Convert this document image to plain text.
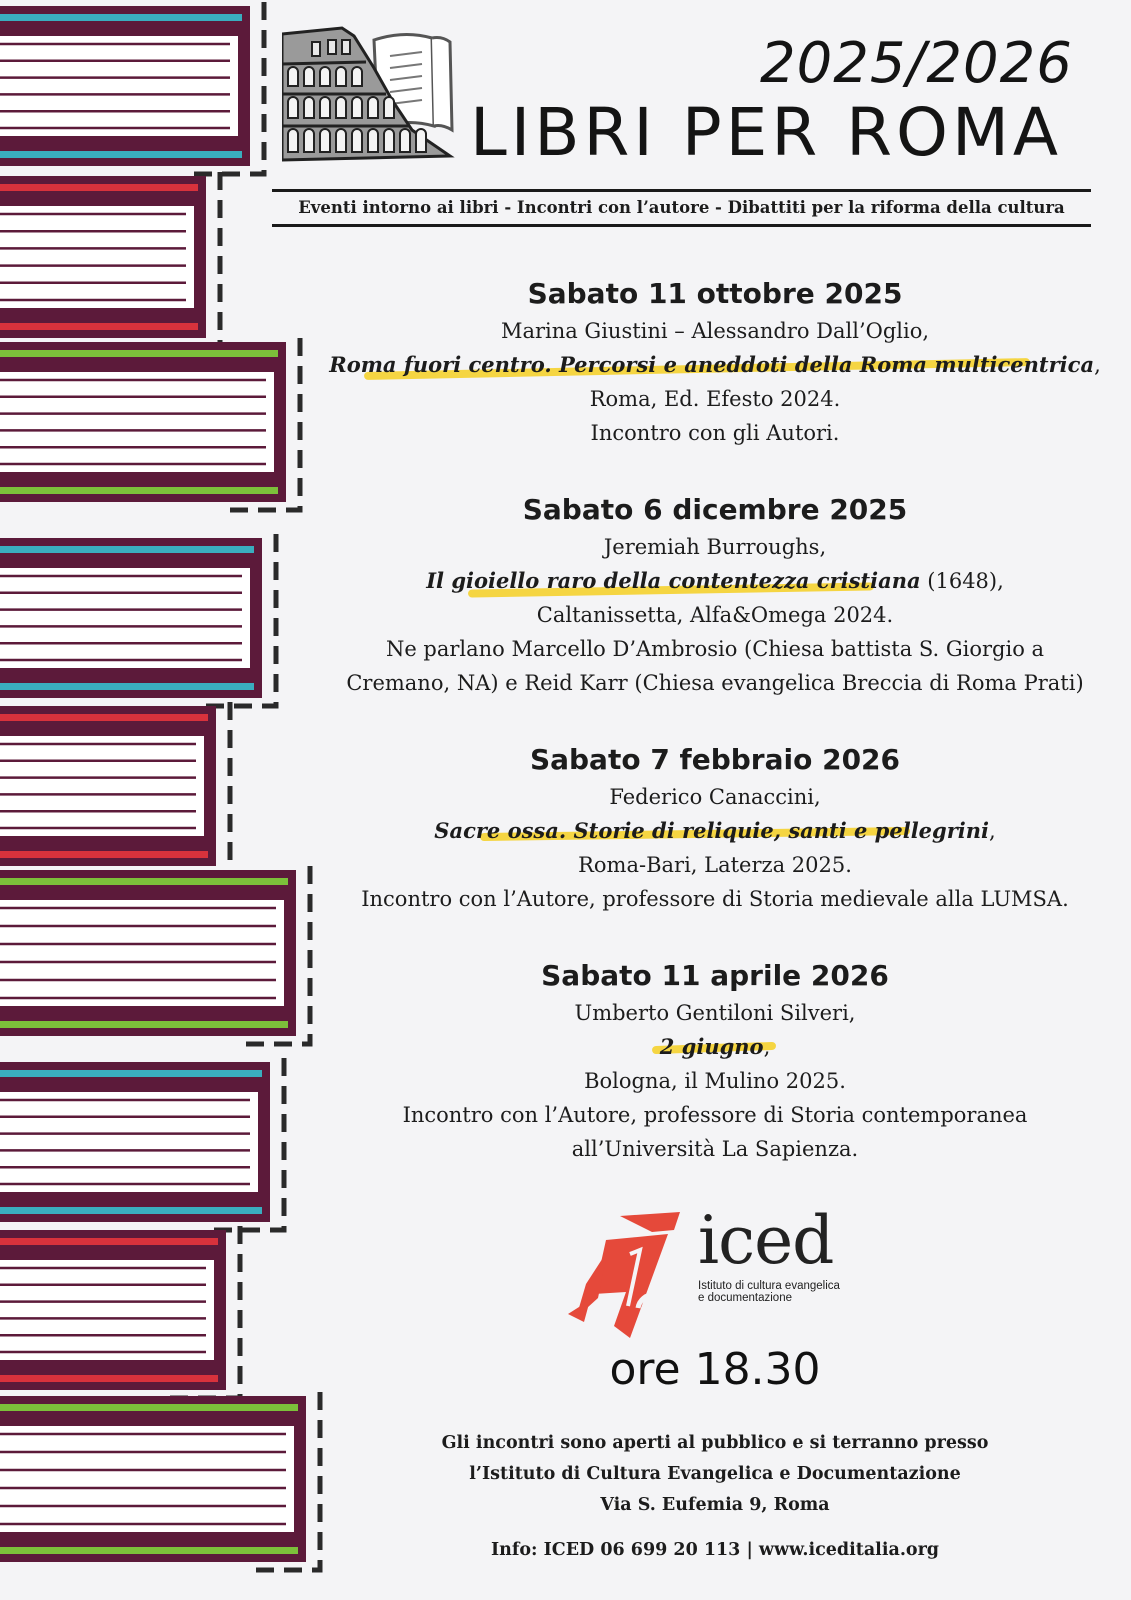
2025/2026
LIBRI PER ROMA
Eventi intorno ai libri - Incontri con l’autore - Dibattiti per la riforma della cultura
Sabato 11 ottobre 2025
Marina Giustini – Alessandro Dall’Oglio,
Roma fuori centro. Percorsi e aneddoti della Roma multicentrica,
Roma, Ed. Efesto 2024.
Incontro con gli Autori.
Sabato 6 dicembre 2025
Jeremiah Burroughs,
Il gioiello raro della contentezza cristiana (1648),
Caltanissetta, Alfa&Omega 2024.
Ne parlano Marcello D’Ambrosio (Chiesa battista S. Giorgio a
Cremano, NA) e Reid Karr (Chiesa evangelica Breccia di Roma Prati)
Sabato 7 febbraio 2026
Federico Canaccini,
Sacre ossa. Storie di reliquie, santi e pellegrini,
Roma-Bari, Laterza 2025.
Incontro con l’Autore, professore di Storia medievale alla LUMSA.
Sabato 11 aprile 2026
Umberto Gentiloni Silveri,
2 giugno
Bologna, il Mulino 2025.
Incontro con l’Autore, professore di Storia contemporanea
all’Università La Sapienza.
iced
Istituto di cultura evangelica
e documentazione
ore 18.30
Gli incontri sono aperti al pubblico e si terranno presso
l’Istituto di Cultura Evangelica e Documentazione
Via S. Eufemia 9, Roma
Info: ICED 06 699 20 113 | www.iceditalia.org
